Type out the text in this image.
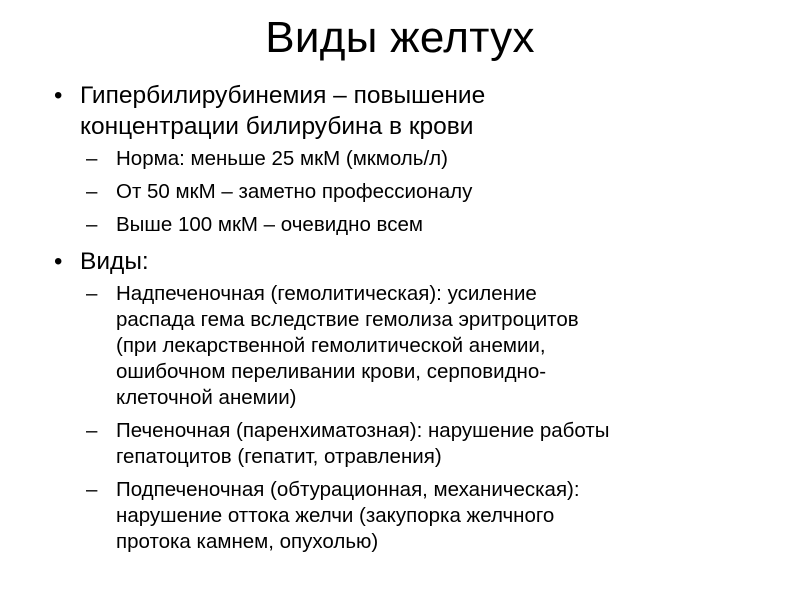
Виды желтух
• Гипербилирубинемия – повышение концентрации билирубина в крови
– Норма: меньше 25 мкМ (мкмоль/л)
– От 50 мкМ – заметно профессионалу
– Выше 100 мкМ – очевидно всем
• Виды:
– Надпеченочная (гемолитическая): усиление
распада гема вследствие гемолиза эритроцитов
(при лекарственной гемолитической анемии,
ошибочном переливании крови, серповидно-
клеточной анемии)
– Печеночная (паренхиматозная): нарушение работы
гепатоцитов (гепатит, отравления)
– Подпеченочная (обтурационная, механическая):
нарушение оттока желчи (закупорка желчного
протока камнем, опухолью)
